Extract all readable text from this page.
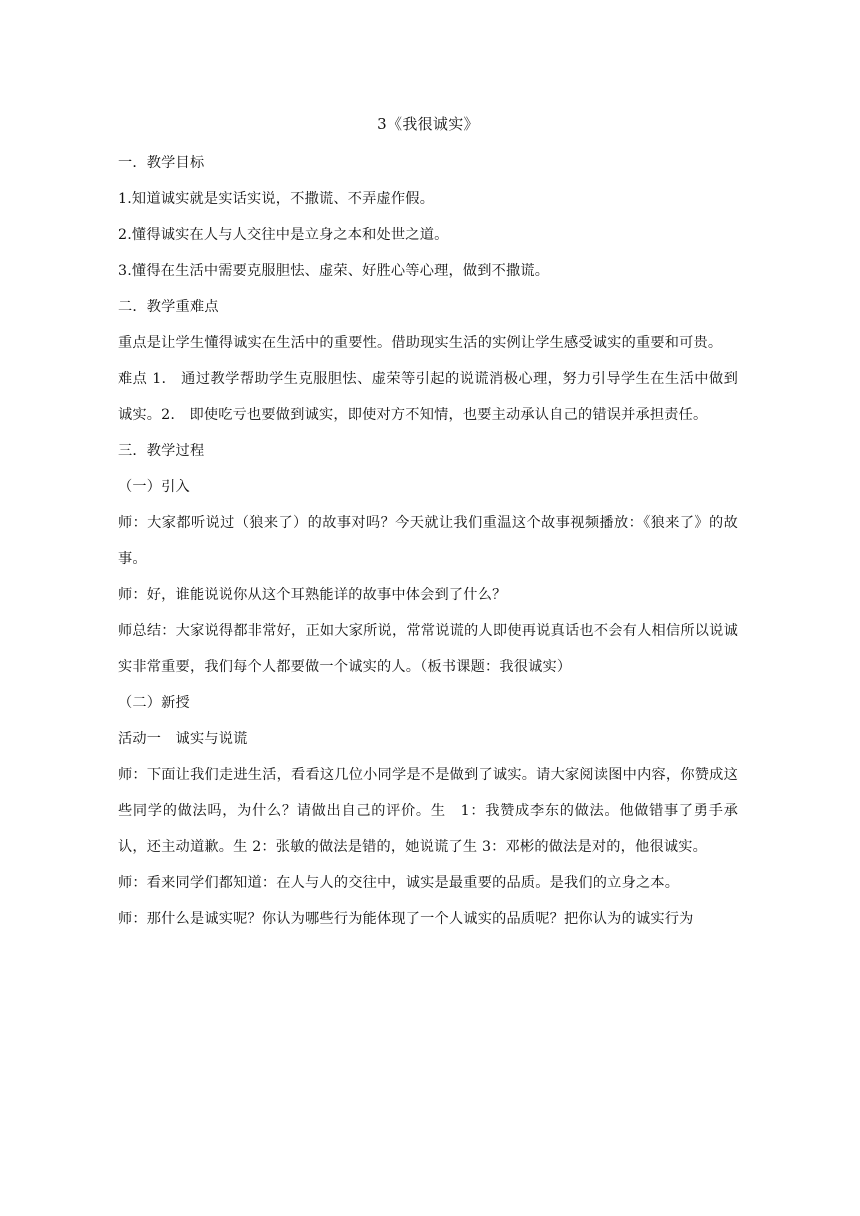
3《我很诚实》
一．教学目标
1.知道诚实就是实话实说，不撒谎、不弄虚作假。
2.懂得诚实在人与人交往中是立身之本和处世之道。
3.懂得在生活中需要克服胆怯、虚荣、好胜心等心理，做到不撒谎。
二．教学重难点
重点是让学生懂得诚实在生活中的重要性。借助现实生活的实例让学生感受诚实的重要和可贵。
难点 1.　通过教学帮助学生克服胆怯、虚荣等引起的说谎消极心理，努力引导学生在生活中做到诚实。2.　即使吃亏也要做到诚实，即使对方不知情，也要主动承认自己的错误并承担责任。
三．教学过程
（一）引入
师：大家都听说过（狼来了）的故事对吗？今天就让我们重温这个故事视频播放：《狼来了》的故事。
师：好，谁能说说你从这个耳熟能详的故事中体会到了什么？
师总结：大家说得都非常好，正如大家所说，常常说谎的人即使再说真话也不会有人相信所以说诚实非常重要，我们每个人都要做一个诚实的人。（板书课题：我很诚实）
（二）新授
活动一　诚实与说谎
师：下面让我们走进生活，看看这几位小同学是不是做到了诚实。请大家阅读图中内容，你赞成这些同学的做法吗，为什么？请做出自己的评价。生　1：我赞成李东的做法。他做错事了勇手承认，还主动道歉。生 2：张敏的做法是错的，她说谎了生 3：邓彬的做法是对的，他很诚实。
师：看来同学们都知道：在人与人的交往中，诚实是最重要的品质。是我们的立身之本。
师：那什么是诚实呢？你认为哪些行为能体现了一个人诚实的品质呢？把你认为的诚实行为
